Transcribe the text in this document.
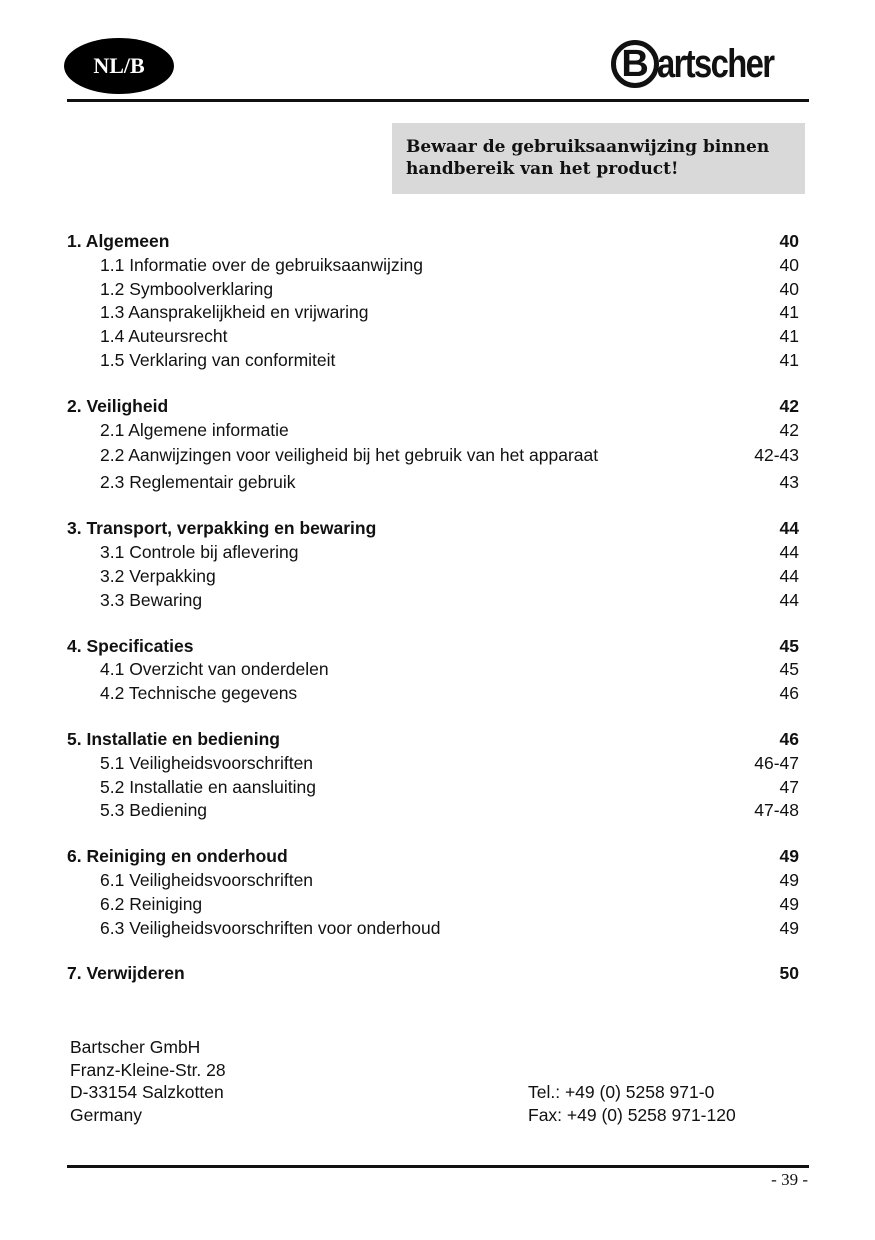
NL/B	B artscher
Bewaar de gebruiksaanwijzing binnen handbereik van het product!
1. Algemeen	40
1.1 Informatie over de gebruiksaanwijzing	40
1.2 Symboolverklaring	40
1.3 Aansprakelijkheid en vrijwaring	41
1.4 Auteursrecht	41
1.5 Verklaring van conformiteit	41
2. Veiligheid	42
2.1 Algemene informatie	42
2.2 Aanwijzingen voor veiligheid bij het gebruik van het apparaat	42-43
2.3 Reglementair gebruik	43
3. Transport, verpakking en bewaring	44
3.1 Controle bij aflevering	44
3.2 Verpakking	44
3.3 Bewaring	44
4. Specificaties	45
4.1 Overzicht van onderdelen	45
4.2 Technische gegevens	46
5. Installatie en bediening	46
5.1 Veiligheidsvoorschriften	46-47
5.2 Installatie en aansluiting	47
5.3 Bediening	47-48
6. Reiniging en onderhoud	49
6.1 Veiligheidsvoorschriften	49
6.2 Reiniging	49
6.3 Veiligheidsvoorschriften voor onderhoud	49
7. Verwijderen	50
Bartscher GmbH
Franz-Kleine-Str. 28
D-33154 Salzkotten
Germany
Tel.: +49 (0) 5258 971-0
Fax: +49 (0) 5258 971-120
- 39 -
